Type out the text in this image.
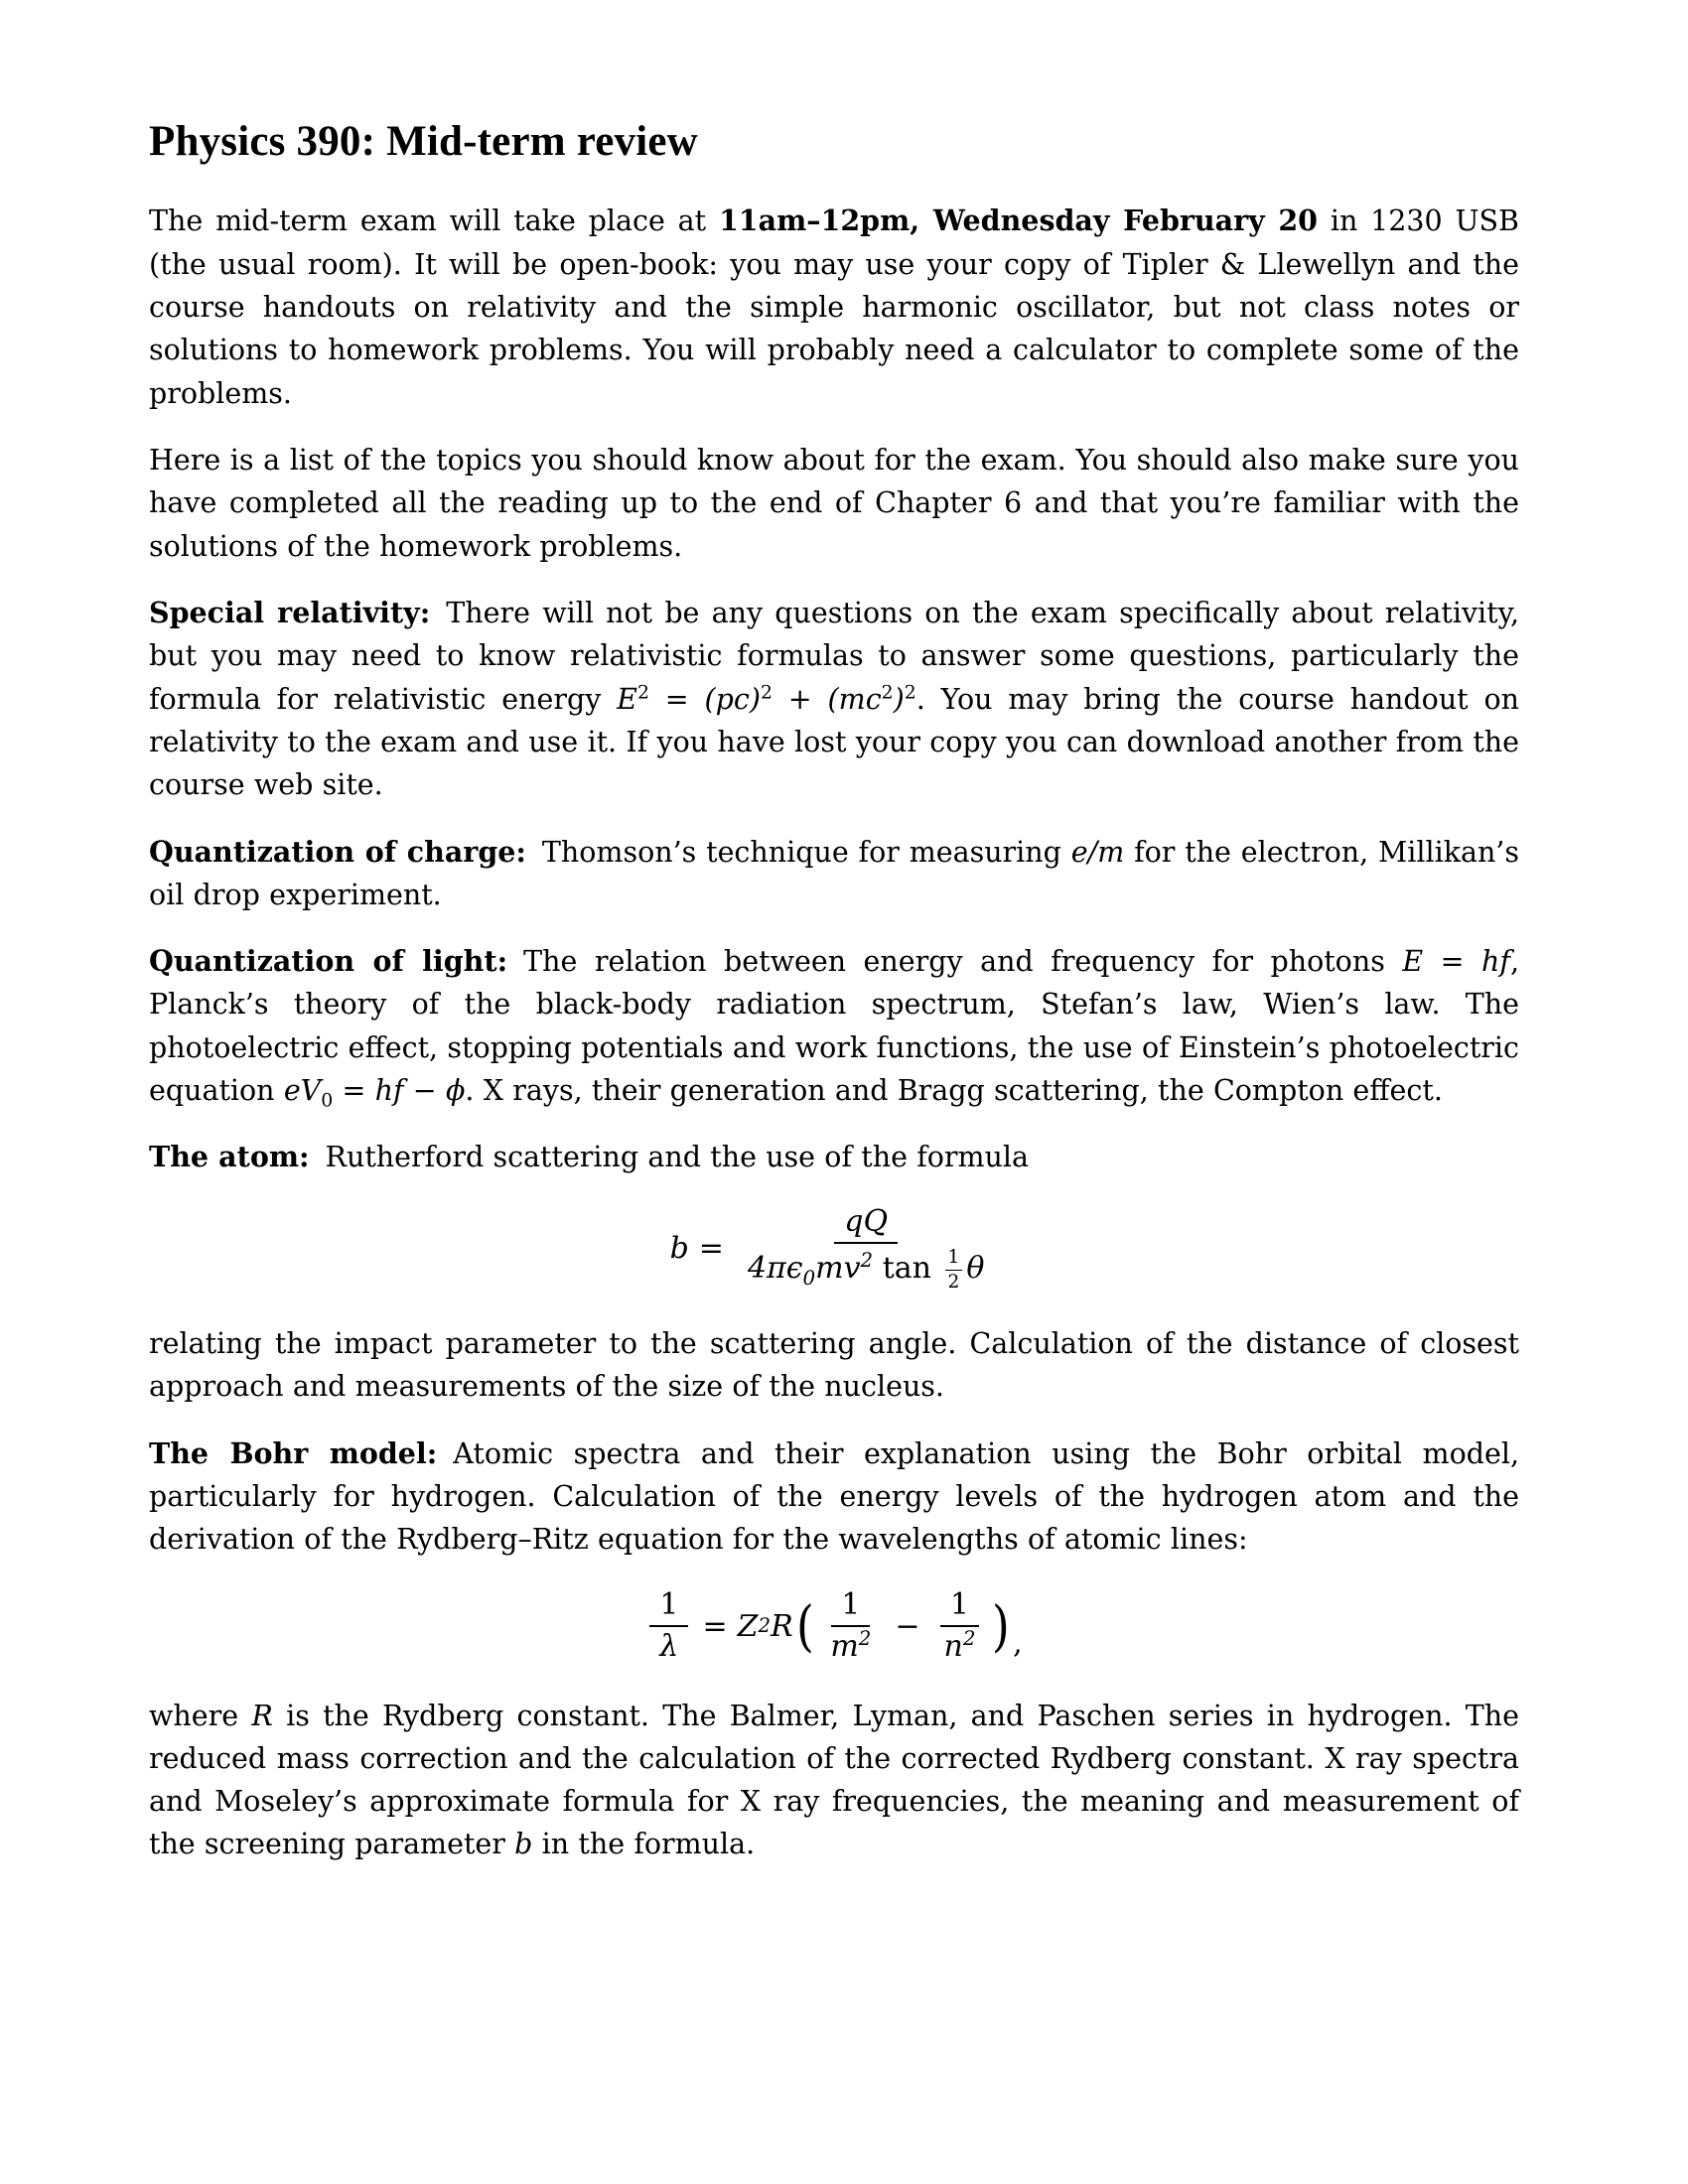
Physics 390: Mid-term review

The mid-term exam will take place at 11am–12pm, Wednesday February 20 in 1230 USB (the usual room). It will be open-book: you may use your copy of Tipler & Llewellyn and the course handouts on relativity and the simple harmonic oscillator, but not class notes or solutions to homework problems. You will probably need a calculator to complete some of the problems.

Here is a list of the topics you should know about for the exam. You should also make sure you have completed all the reading up to the end of Chapter 6 and that you’re familiar with the solutions of the homework problems.

Special relativity: There will not be any questions on the exam specifically about relativity, but you may need to know relativistic formulas to answer some questions, particularly the formula for relativistic energy $E^2 = (pc)^2 + (mc^2)^2$. You may bring the course handout on relativity to the exam and use it. If you have lost your copy you can download another from the course web site.

Quantization of charge: Thomson’s technique for measuring e/m for the electron, Millikan’s oil drop experiment.

Quantization of light: The relation between energy and frequency for photons E = hf, Planck’s theory of the black-body radiation spectrum, Stefan’s law, Wien’s law. The photoelectric effect, stopping potentials and work functions, the use of Einstein’s photoelectric equation $eV_0$ = hf − ϕ. X rays, their generation and Bragg scattering, the Compton effect.

The atom: Rutherford scattering and the use of the formula

$b = \frac{qQ}{4\pi\epsilon_0mv^2 \tan \frac{1}{2} \theta}$

relating the impact parameter to the scattering angle. Calculation of the distance of closest approach and measurements of the size of the nucleus.

The Bohr model: Atomic spectra and their explanation using the Bohr orbital model, particularly for hydrogen. Calculation of the energy levels of the hydrogen atom and the derivation of the Rydberg–Ritz equation for the wavelengths of atomic lines:

$\frac{1}{\lambda} = Z$ 2 R ( $\frac{1}{m^2} - \frac{1}{n^2}$ ) ,

where R is the Rydberg constant. The Balmer, Lyman, and Paschen series in hydrogen. The reduced mass correction and the calculation of the corrected Rydberg constant. X ray spectra and Moseley’s approximate formula for X ray frequencies, the meaning and measurement of the screening parameter b in the formula.
